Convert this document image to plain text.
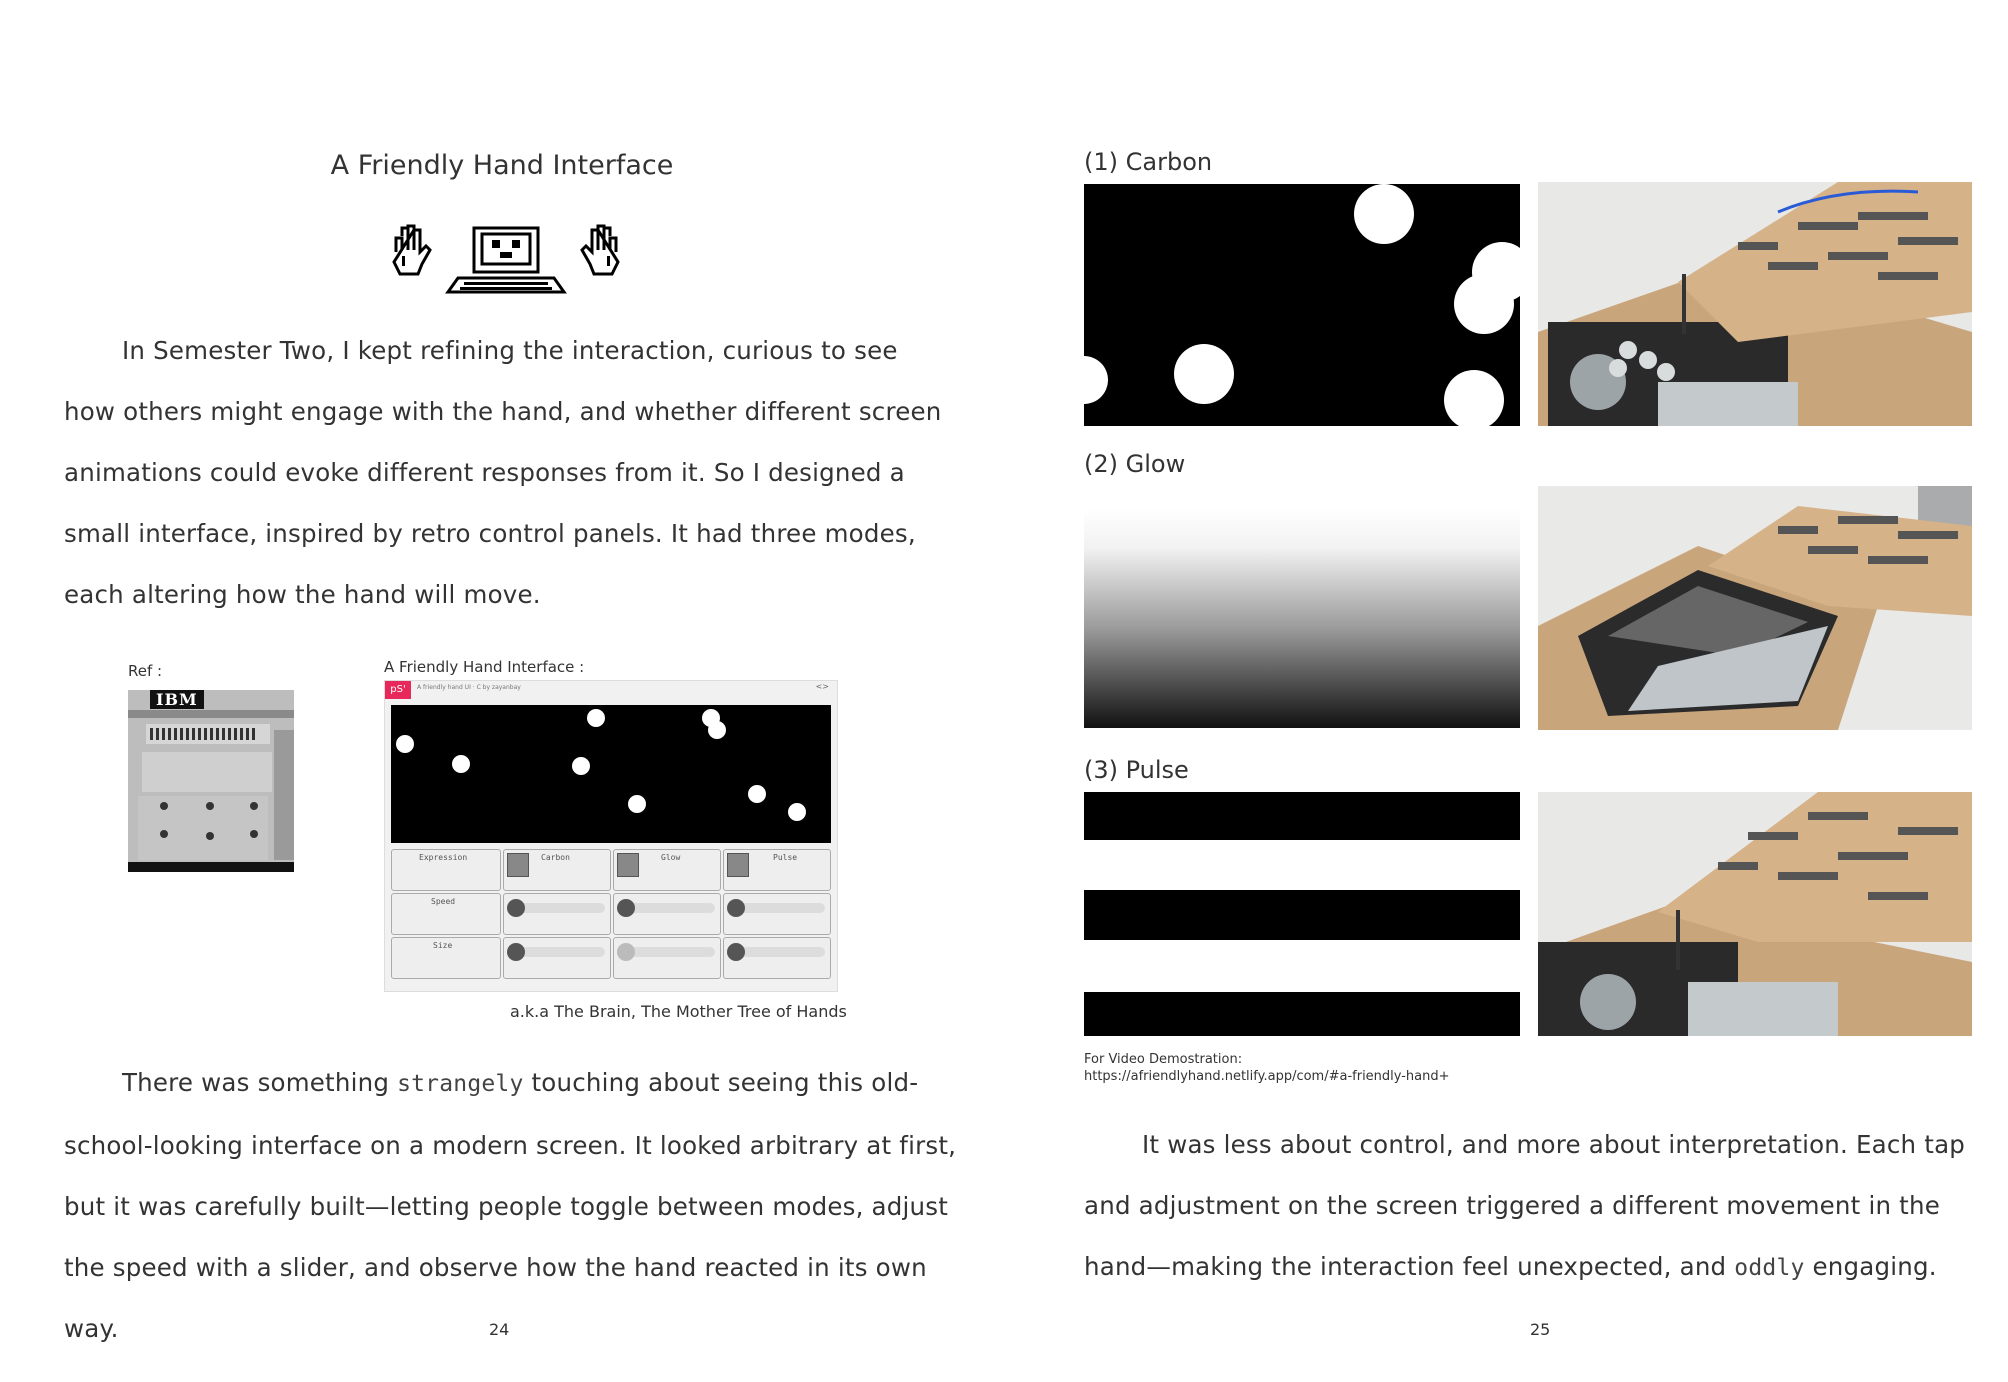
A Friendly Hand Interface

In Semester Two, I kept refining the interaction, curious to see

how others might engage with the hand, and whether different screen

animations could evoke different responses from it. So I designed a

small interface, inspired by retro control panels. It had three modes,

each altering how the hand will move.

Ref :
IBM
A Friendly Hand Interface :
pS'	A friendly hand UI · C by zayanbay	<>
Expression
Speed
Size
Carbon	Glow	Pulse
a.k.a The Brain, The Mother Tree of Hands

There was something strangely touching about seeing this old-

school-looking interface on a modern screen. It looked arbitrary at first,

but it was carefully built—letting people toggle between modes, adjust

the speed with a slider, and observe how the hand reacted in its own way.	24
(1) Carbon
(2) Glow
(3) Pulse
For Video Demostration:
https://afriendlyhand.netlify.app/com/#a-friendly-hand+

It was less about control, and more about interpretation. Each tap

and adjustment on the screen triggered a different movement in the

hand—making the interaction feel unexpected, and oddly engaging.

25
